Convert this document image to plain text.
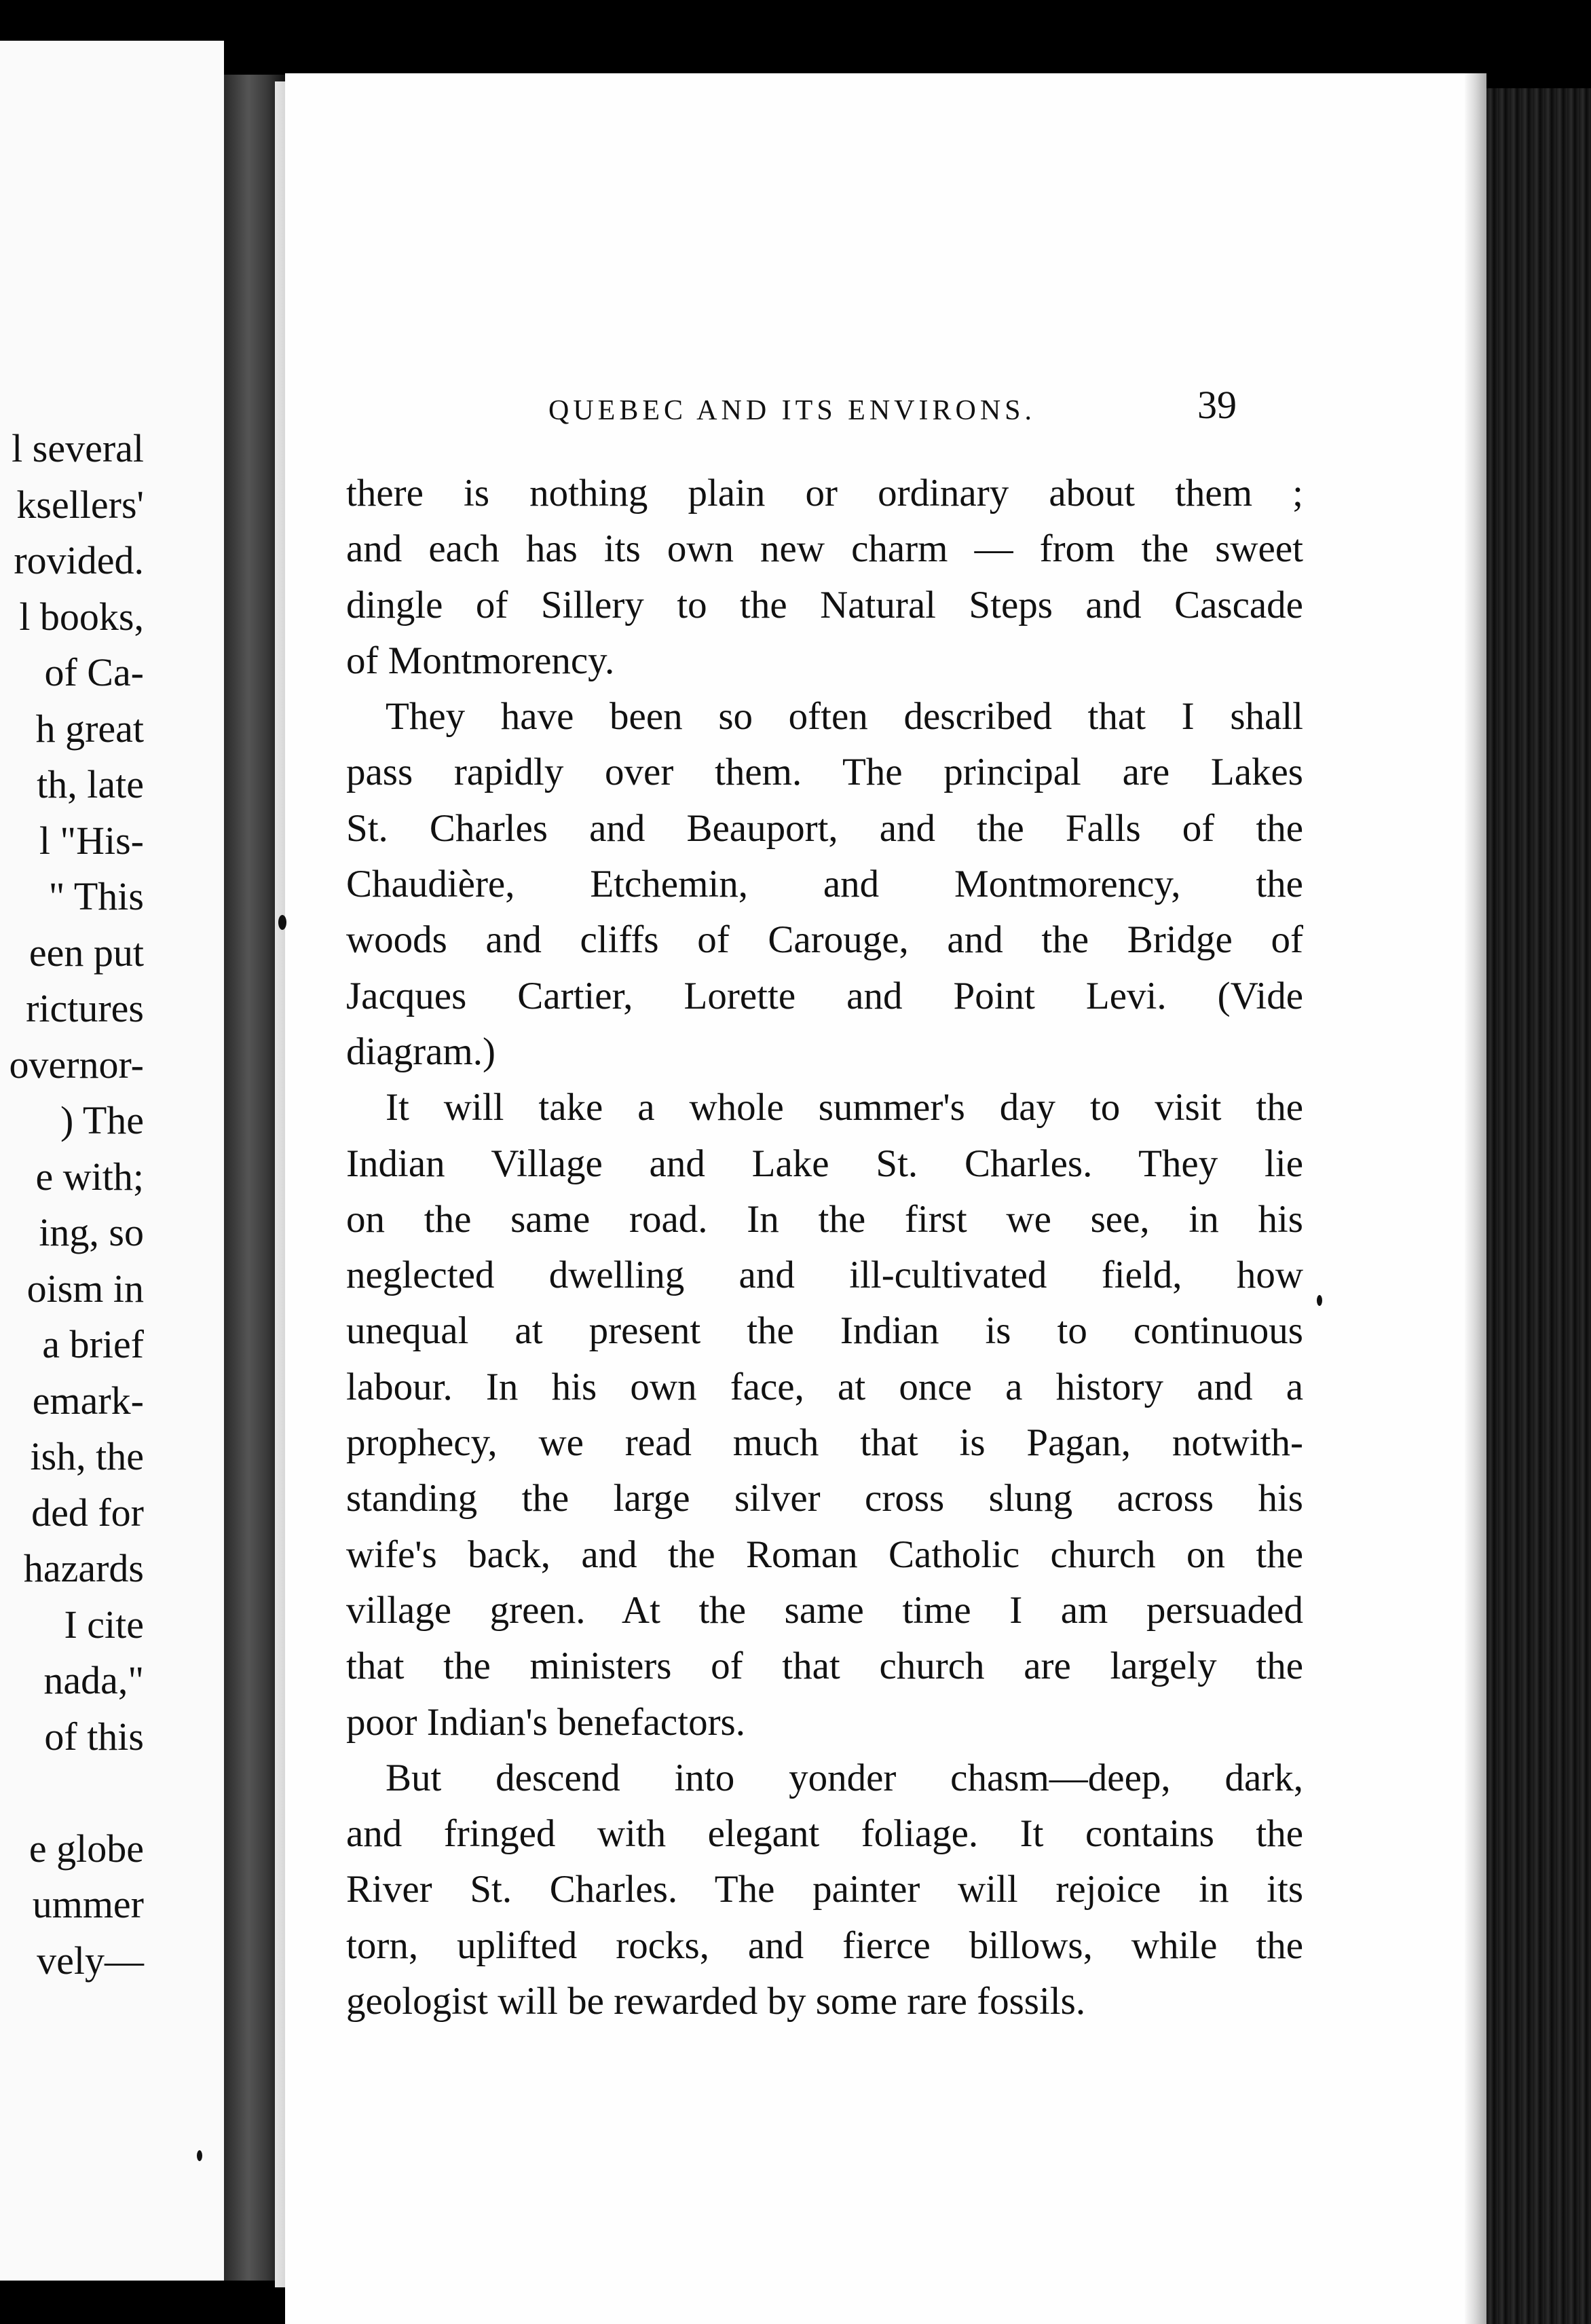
l several
ksellers'
rovided.
l books,
of Ca-
h great
th, late
l "His-
" This
een put
rictures
overnor-
) The
e with;
ing, so
oism in
a brief
emark-
ish, the
ded for
hazards
I cite
nada,"
of this
e globe
ummer
vely—
QUEBEC AND ITS ENVIRONS.	39
there is nothing plain or ordinary about them ;
and each has its own new charm — from the sweet
dingle of Sillery to the Natural Steps and Cascade
of Montmorency.
They have been so often described that I shall
pass rapidly over them. The principal are Lakes
St. Charles and Beauport, and the Falls of the
Chaudière, Etchemin, and Montmorency, the
woods and cliffs of Carouge, and the Bridge of
Jacques Cartier, Lorette and Point Levi. (Vide
diagram.)
It will take a whole summer's day to visit the
Indian Village and Lake St. Charles. They lie
on the same road. In the first we see, in his
neglected dwelling and ill-cultivated field, how
unequal at present the Indian is to continuous
labour. In his own face, at once a history and a
prophecy, we read much that is Pagan, notwith-
standing the large silver cross slung across his
wife's back, and the Roman Catholic church on the
village green. At the same time I am persuaded
that the ministers of that church are largely the
poor Indian's benefactors.
But descend into yonder chasm—deep, dark,
and fringed with elegant foliage. It contains the
River St. Charles. The painter will rejoice in its
torn, uplifted rocks, and fierce billows, while the
geologist will be rewarded by some rare fossils.
